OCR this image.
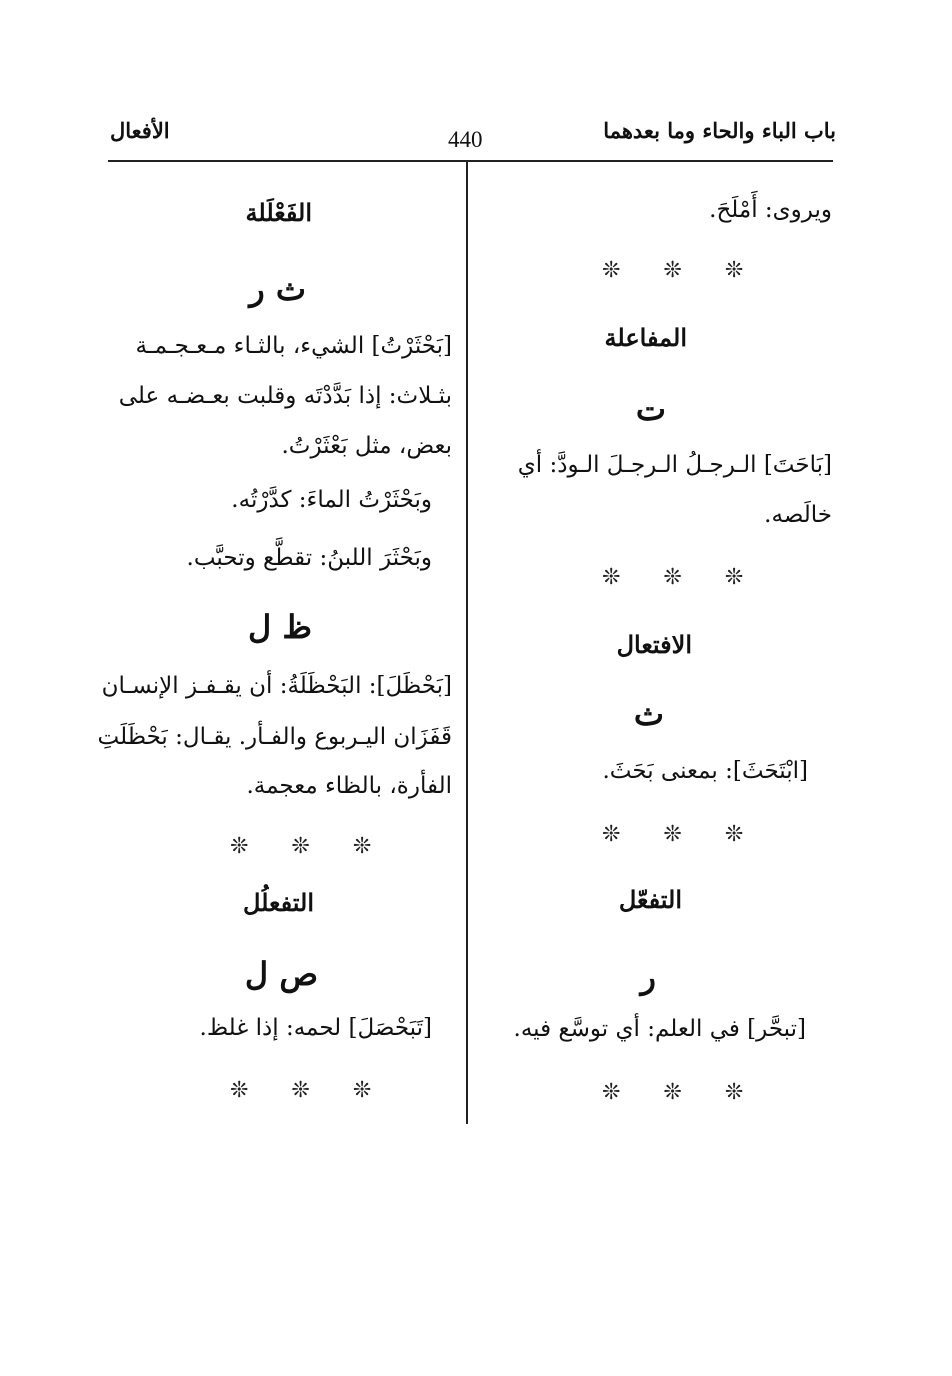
باب الباء والحاء وما بعدهما
440
الأفعال
ويروى: أَمْلَحَ.
❊ ❊ ❊
المفاعلة
ت
[بَاحَتَ] الـرجـلُ الـرجـلَ الـودَّ: أي
خالَصه.
❊ ❊ ❊
الافتعال
ث
[ابْتَحَثَ]: بمعنى بَحَثَ.
❊ ❊ ❊
التفعّل
ر
[تبحَّر] في العلم: أي توسَّع فيه.
❊ ❊ ❊
الفَعْلَلة
ث ر
[بَحْثَرْتُ] الشيء، بالثـاء مـعـجـمـة
بثـلاث: إذا بَدَّدْتَه وقلبت بعـضـه على
بعض، مثل بَعْثَرْتُ.
وبَحْثَرْتُ الماءَ: كدَّرْتُه.
وبَحْثَرَ اللبنُ: تقطَّع وتحبَّب.
ظ ل
[بَحْظَلَ]: البَحْظَلَةُ: أن يقـفـز الإنسـان
قَفَزَان اليـربوع والفـأر. يقـال: بَحْظَلَتِ
الفأرة، بالظاء معجمة.
❊ ❊ ❊
التفعلُل
ص ل
[تَبَحْصَلَ] لحمه: إذا غلظ.
❊ ❊ ❊
